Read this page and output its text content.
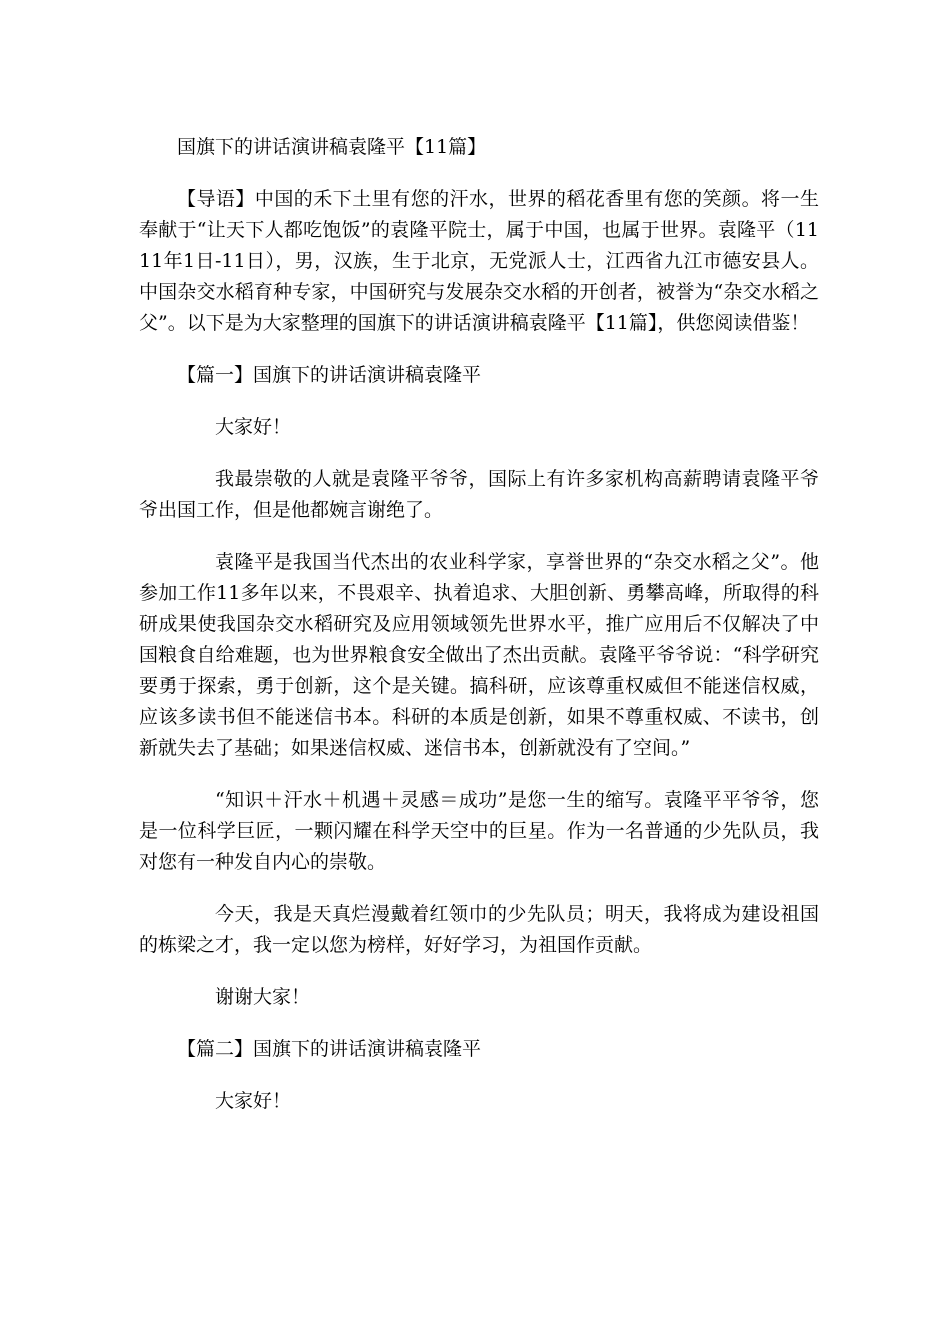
国旗下的讲话演讲稿袁隆平【11篇】

【导语】中国的禾下土里有您的汗水，世界的稻花香里有您的笑颜。将一生奉献于“让天下人都吃饱饭”的袁隆平院士，属于中国，也属于世界。袁隆平（1111年1日-11日），男，汉族，生于北京，无党派人士，江西省九江市德安县人。中国杂交水稻育种专家，中国研究与发展杂交水稻的开创者，被誉为“杂交水稻之父”。以下是为大家整理的国旗下的讲话演讲稿袁隆平【11篇】，供您阅读借鉴！

【篇一】国旗下的讲话演讲稿袁隆平

大家好！

我最崇敬的人就是袁隆平爷爷，国际上有许多家机构高薪聘请袁隆平爷爷出国工作，但是他都婉言谢绝了。

袁隆平是我国当代杰出的农业科学家，享誉世界的“杂交水稻之父”。他参加工作11多年以来，不畏艰辛、执着追求、大胆创新、勇攀高峰，所取得的科研成果使我国杂交水稻研究及应用领域领先世界水平，推广应用后不仅解决了中国粮食自给难题，也为世界粮食安全做出了杰出贡献。袁隆平爷爷说：“科学研究要勇于探索，勇于创新，这个是关键。搞科研，应该尊重权威但不能迷信权威，应该多读书但不能迷信书本。科研的本质是创新，如果不尊重权威、不读书，创新就失去了基础；如果迷信权威、迷信书本，创新就没有了空间。”

“知识＋汗水＋机遇＋灵感＝成功”是您一生的缩写。袁隆平平爷爷，您是一位科学巨匠，一颗闪耀在科学天空中的巨星。作为一名普通的少先队员，我对您有一种发自内心的崇敬。

今天，我是天真烂漫戴着红领巾的少先队员；明天，我将成为建设祖国的栋梁之才，我一定以您为榜样，好好学习，为祖国作贡献。

谢谢大家！

【篇二】国旗下的讲话演讲稿袁隆平

大家好！
